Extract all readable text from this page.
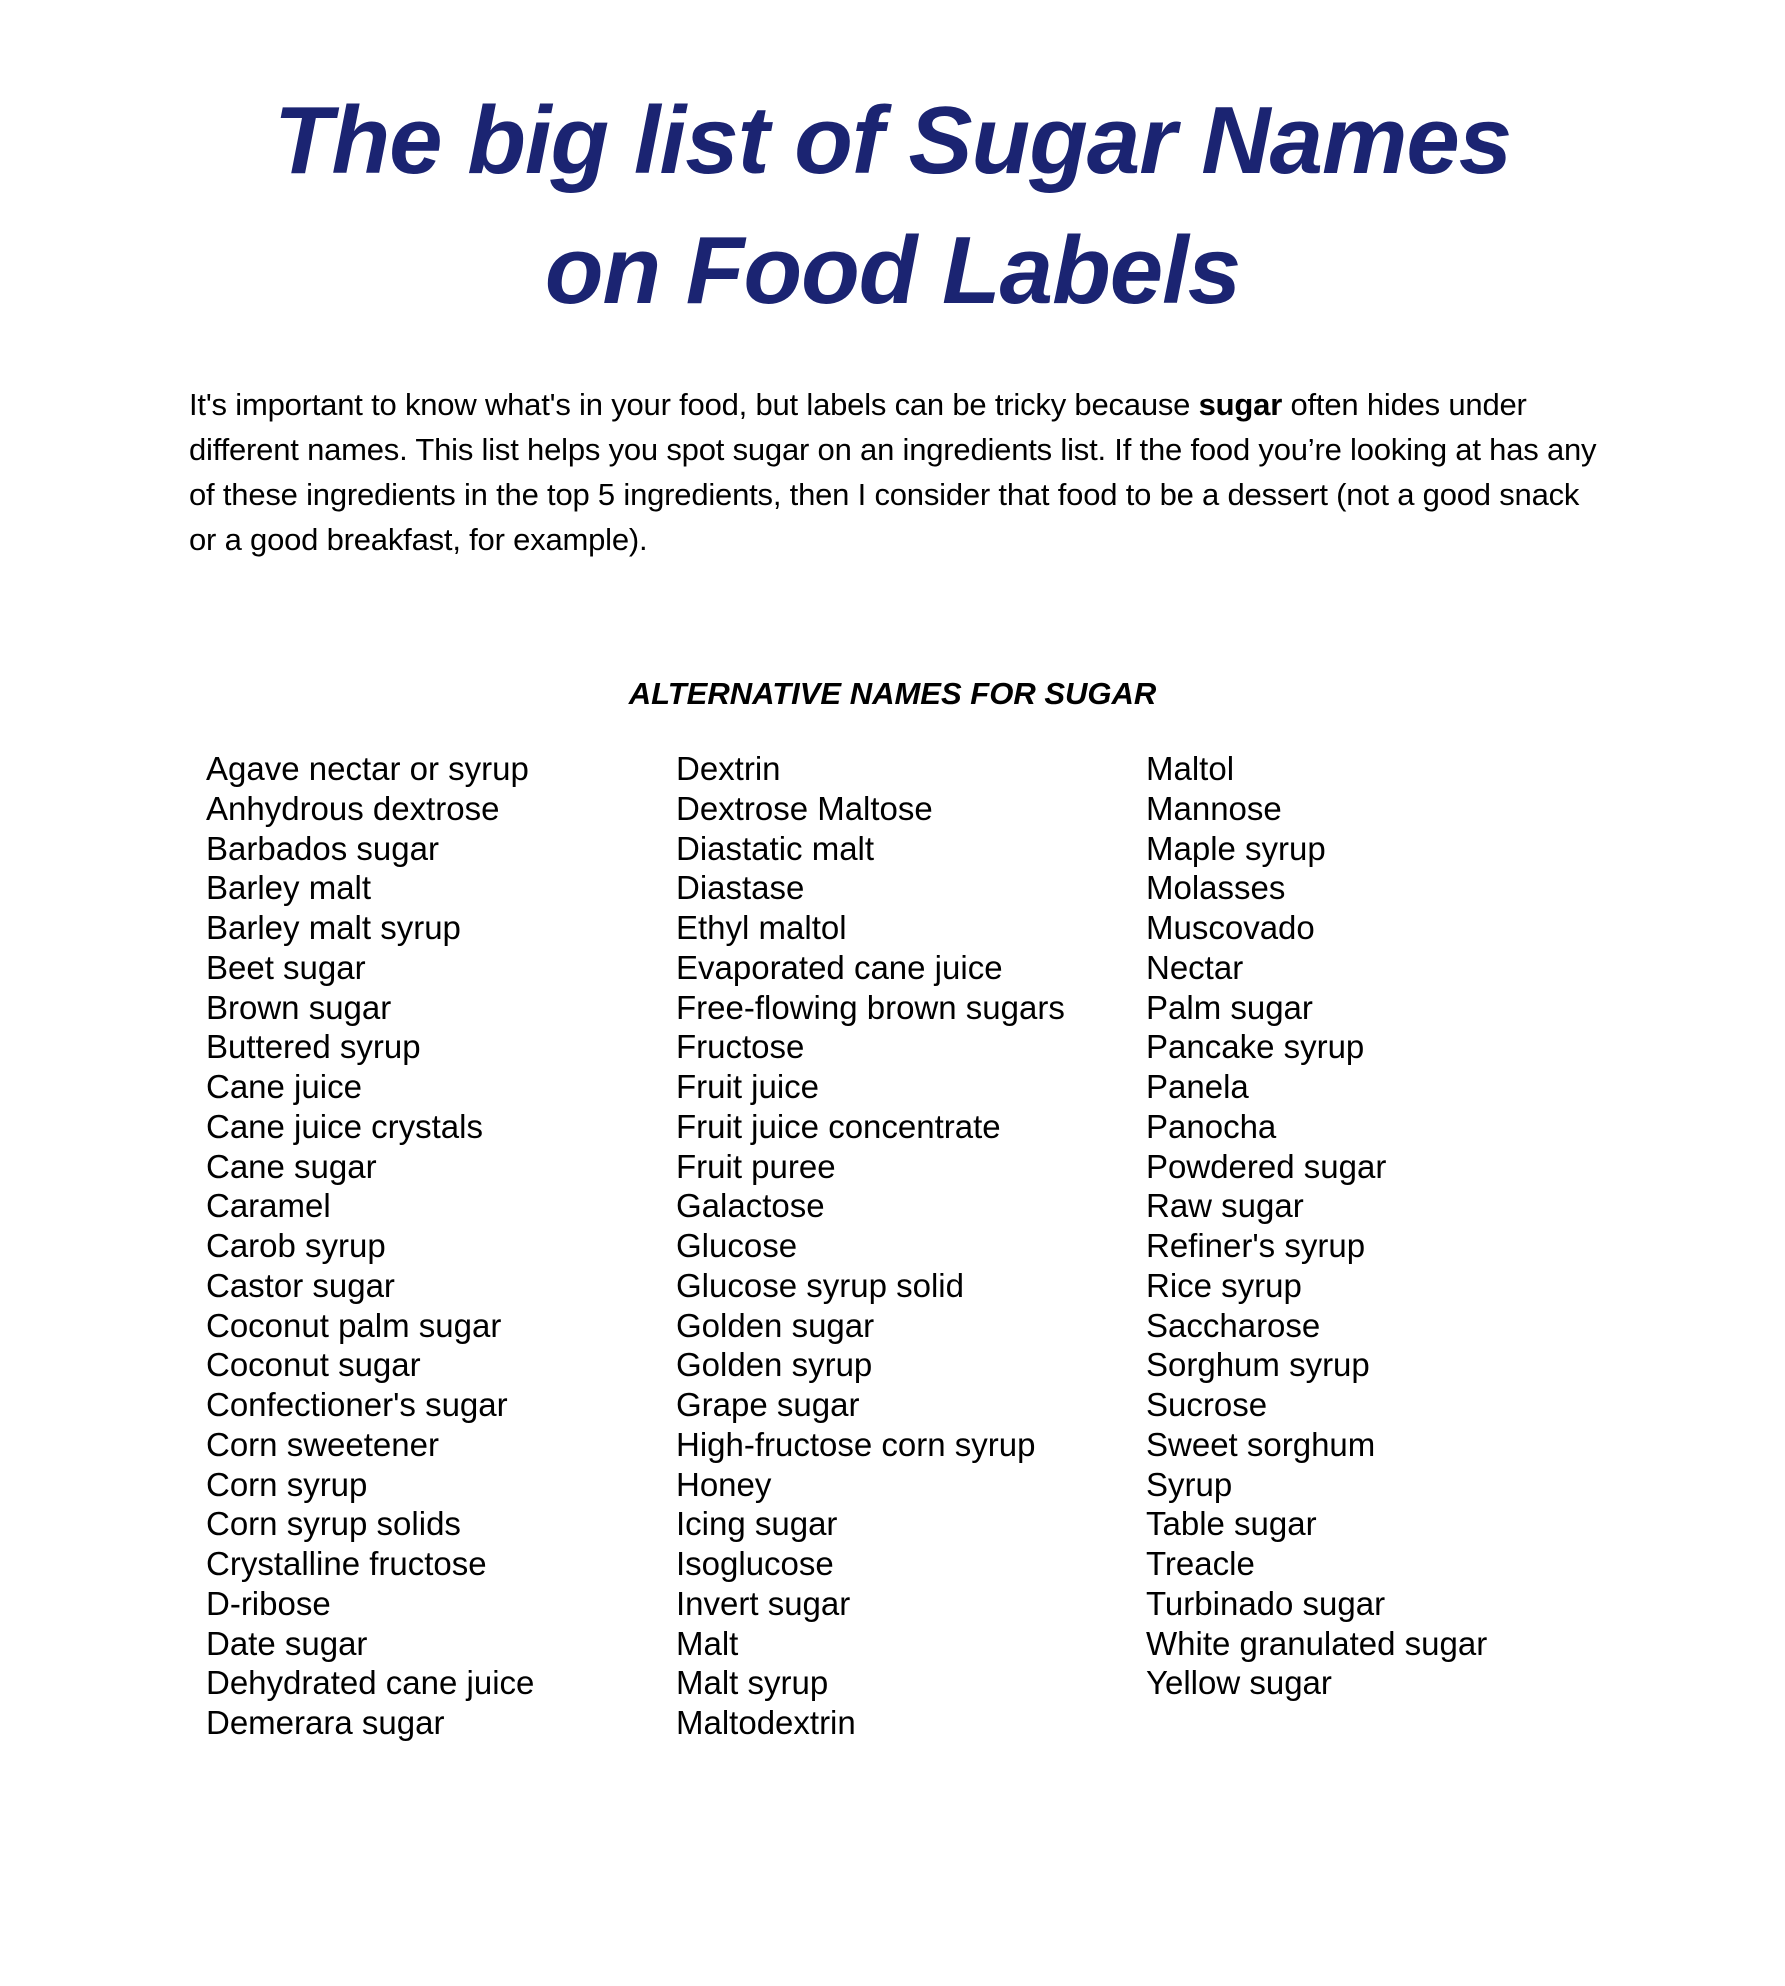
The big list of Sugar Names
on Food Labels

It's important to know what's in your food, but labels can be tricky because sugar often hides under different names. This list helps you spot sugar on an ingredients list. If the food you’re looking at has any of these ingredients in the top 5 ingredients, then I consider that food to be a dessert (not a good snack or a good breakfast, for example).

ALTERNATIVE NAMES FOR SUGAR
Agave nectar or syrup
Anhydrous dextrose
Barbados sugar
Barley malt
Barley malt syrup
Beet sugar
Brown sugar
Buttered syrup
Cane juice
Cane juice crystals
Cane sugar
Caramel
Carob syrup
Castor sugar
Coconut palm sugar
Coconut sugar
Confectioner's sugar
Corn sweetener
Corn syrup
Corn syrup solids
Crystalline fructose
D-ribose
Date sugar
Dehydrated cane juice
Demerara sugar
Dextrin
Dextrose Maltose
Diastatic malt
Diastase
Ethyl maltol
Evaporated cane juice
Free-flowing brown sugars
Fructose
Fruit juice
Fruit juice concentrate
Fruit puree
Galactose
Glucose
Glucose syrup solid
Golden sugar
Golden syrup
Grape sugar
High-fructose corn syrup
Honey
Icing sugar
Isoglucose
Invert sugar
Malt
Malt syrup
Maltodextrin
Maltol
Mannose
Maple syrup
Molasses
Muscovado
Nectar
Palm sugar
Pancake syrup
Panela
Panocha
Powdered sugar
Raw sugar
Refiner's syrup
Rice syrup
Saccharose
Sorghum syrup
Sucrose
Sweet sorghum
Syrup
Table sugar
Treacle
Turbinado sugar
White granulated sugar
Yellow sugar
